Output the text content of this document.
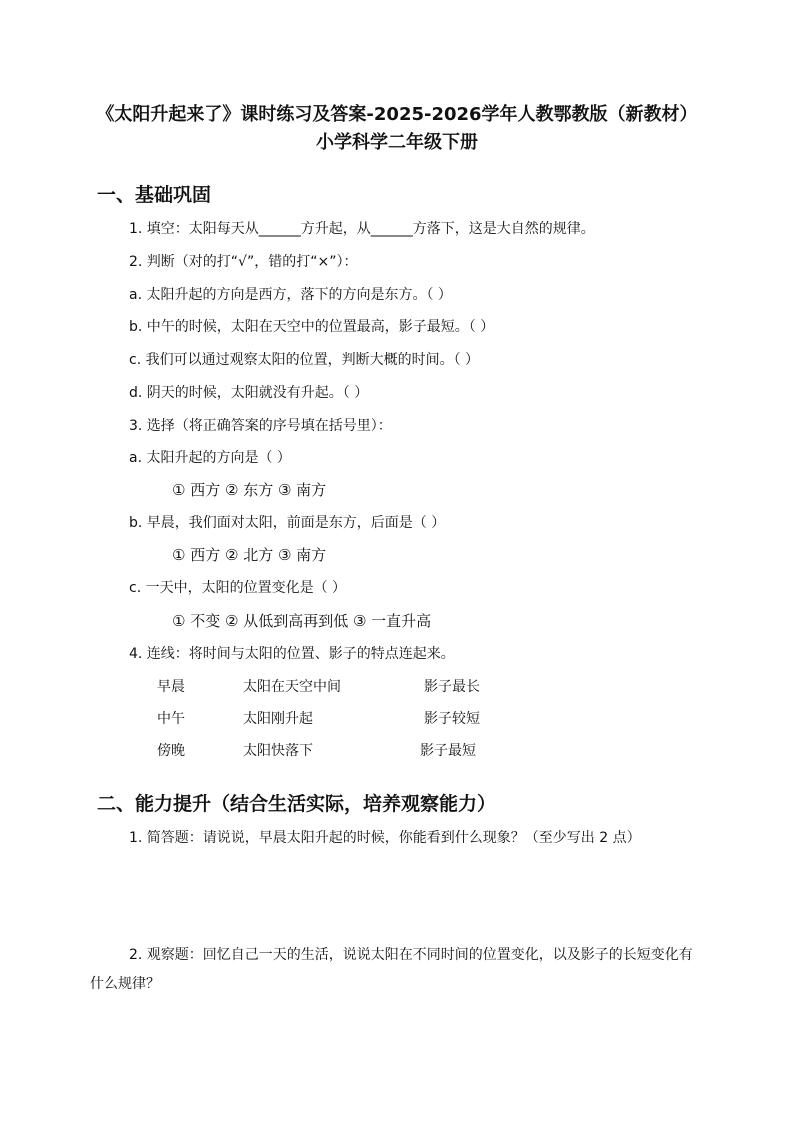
《太阳升起来了》课时练习及答案-2025-2026学年人教鄂教版（新教材） 小学科学二年级下册
一、基础巩固
1. 填空：太阳每天从______方升起，从______方落下，这是大自然的规律。
2. 判断（对的打“√”，错的打“×”）：
a. 太阳升起的方向是西方，落下的方向是东方。（ ）
b. 中午的时候，太阳在天空中的位置最高，影子最短。（ ）
c. 我们可以通过观察太阳的位置，判断大概的时间。（ ）
d. 阴天的时候，太阳就没有升起。（ ）
3. 选择（将正确答案的序号填在括号里）：
a. 太阳升起的方向是（ ）
① 西方 ② 东方 ③ 南方
b. 早晨，我们面对太阳，前面是东方，后面是（ ）
① 西方 ② 北方 ③ 南方
c. 一天中，太阳的位置变化是（ ）
① 不变 ② 从低到高再到低 ③ 一直升高
4. 连线：将时间与太阳的位置、影子的特点连起来。
早晨	太阳在天空中间	影子最长
中午	太阳刚升起	影子较短
傍晚	太阳快落下	影子最短
二、能力提升（结合生活实际，培养观察能力）
1. 简答题：请说说，早晨太阳升起的时候，你能看到什么现象？（至少写出 2 点）
2. 观察题：回忆自己一天的生活，说说太阳在不同时间的位置变化，以及影子的长短变化有什么规律？
